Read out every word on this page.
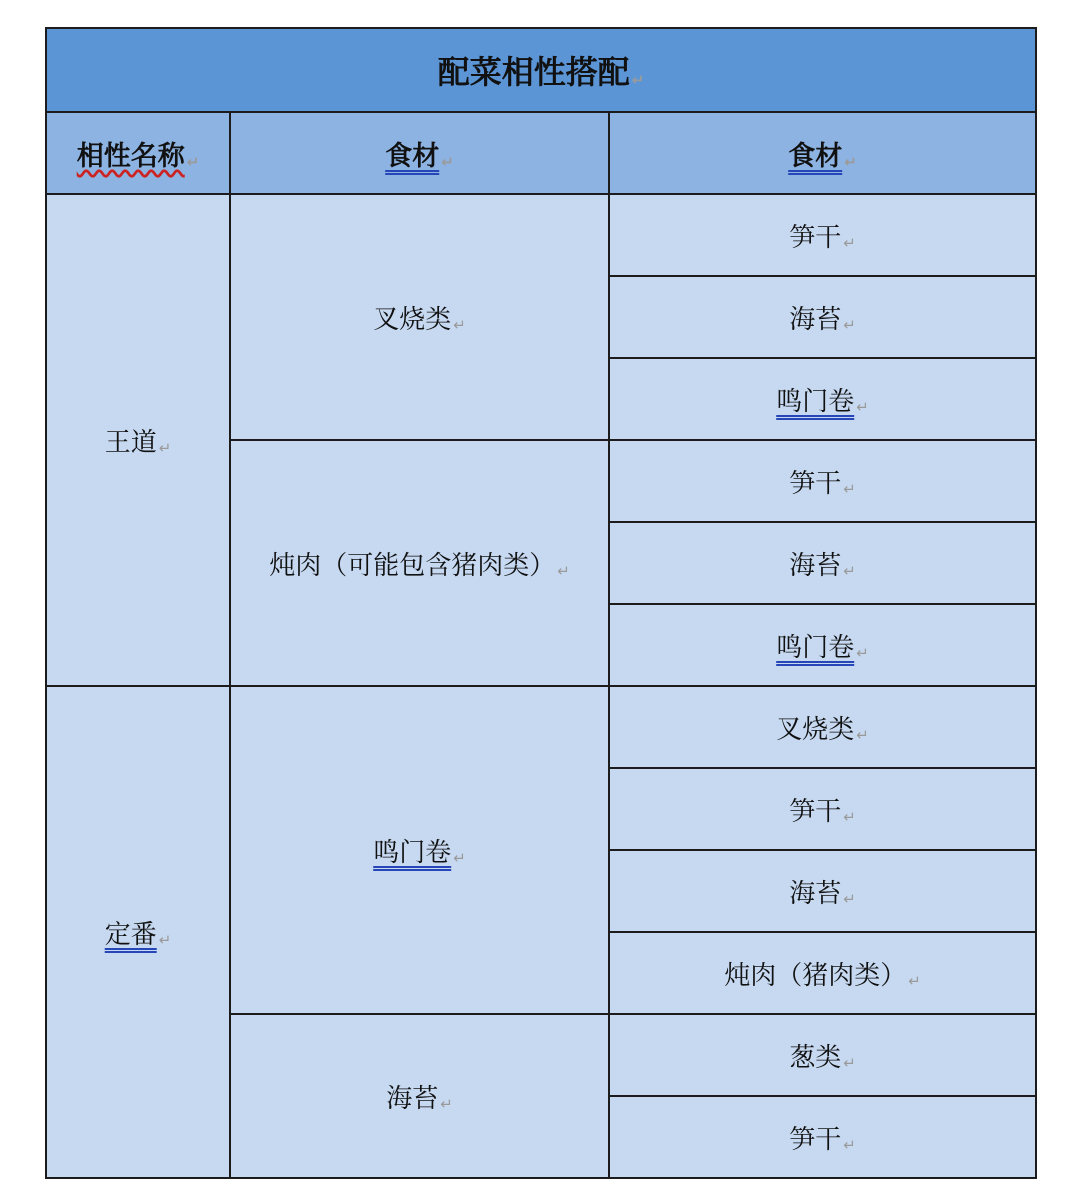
配菜相性搭配 ↵		
相性名称 ↵	食材 ↵	食材 ↵
王道 ↵	叉烧类 ↵	笋干 ↵
		海苔 ↵
		鸣门卷 ↵
	炖肉（可能包含猪肉类） ↵	笋干 ↵
		海苔 ↵
		鸣门卷 ↵
定番 ↵	鸣门卷 ↵	叉烧类 ↵
		笋干 ↵
		海苔 ↵
		炖肉（猪肉类） ↵
	海苔 ↵	葱类 ↵
		笋干 ↵
